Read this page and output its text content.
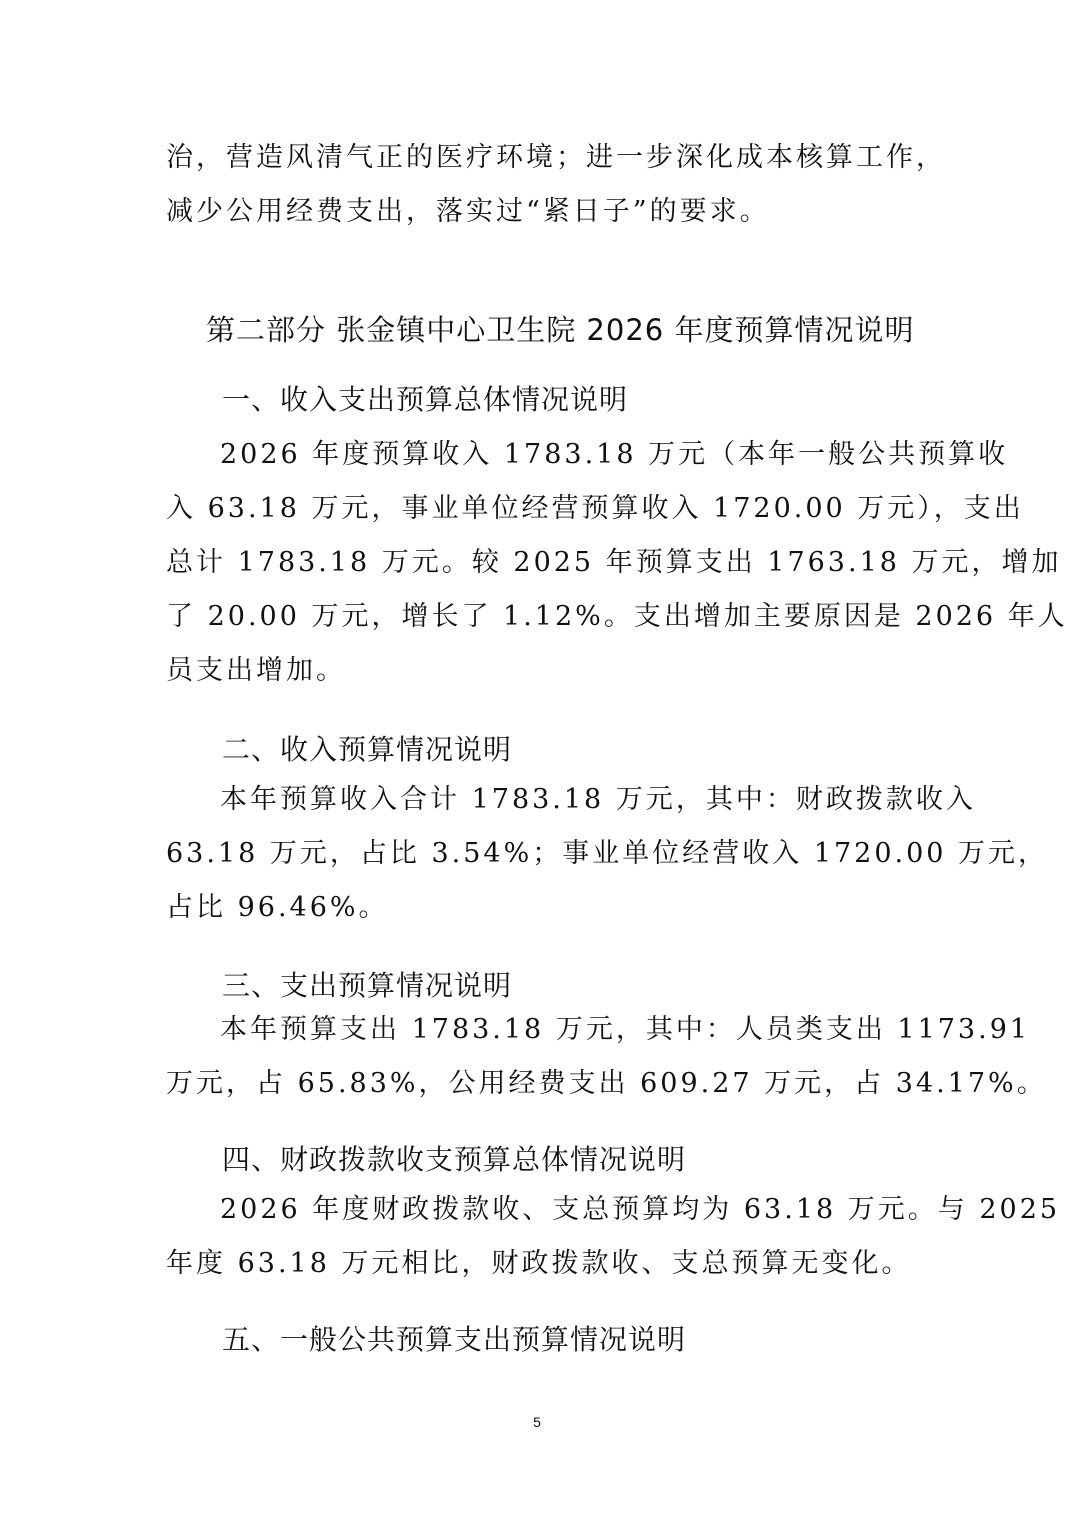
治，营造风清气正的医疗环境；进一步深化成本核算工作，
减少公用经费支出，落实过“紧日子”的要求。
第二部分 张金镇中心卫生院 2026 年度预算情况说明
一、收入支出预算总体情况说明
2026 年度预算收入 1783.18 万元（本年一般公共预算收
入 63.18 万元，事业单位经营预算收入 1720.00 万元），支出
总计 1783.18 万元。较 2025 年预算支出 1763.18 万元，增加
了 20.00 万元，增长了 1.12%。支出增加主要原因是 2026 年人
员支出增加。
二、收入预算情况说明
本年预算收入合计 1783.18 万元，其中：财政拨款收入
63.18 万元，占比 3.54%；事业单位经营收入 1720.00 万元，
占比 96.46%。
三、支出预算情况说明
本年预算支出 1783.18 万元，其中：人员类支出 1173.91
万元，占 65.83%，公用经费支出 609.27 万元，占 34.17%。
四、财政拨款收支预算总体情况说明
2026 年度财政拨款收、支总预算均为 63.18 万元。与 2025
年度 63.18 万元相比，财政拨款收、支总预算无变化。
五、一般公共预算支出预算情况说明
5
